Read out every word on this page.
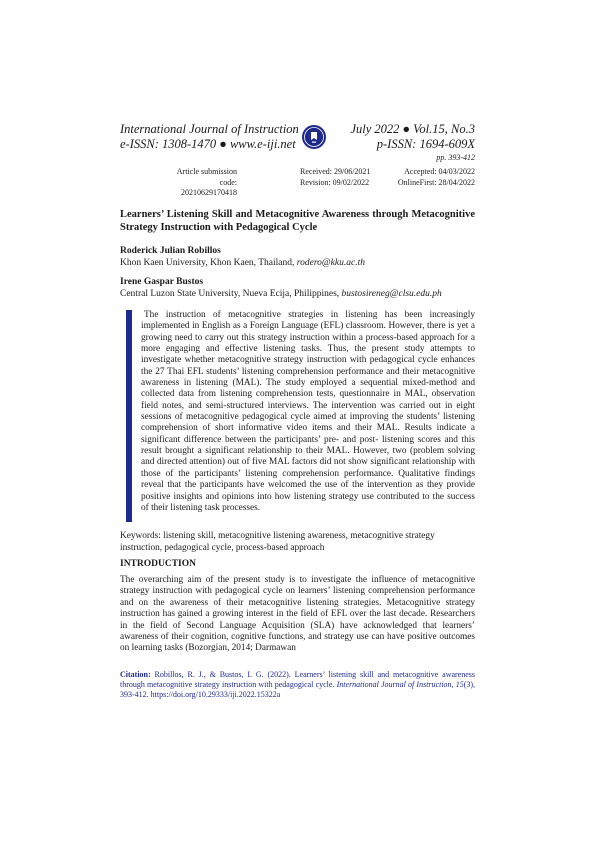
International Journal of Instruction
e-ISSN: 1308-1470 ● www.e-iji.net
July 2022 ● Vol.15, No.3
p-ISSN: 1694-609X
pp. 393-412
Article submission code:
20210629170418
Received: 29/06/2021
Revision: 09/02/2022
Accepted: 04/03/2022
OnlineFirst: 28/04/2022
Learners’ Listening Skill and Metacognitive Awareness through Metacognitive Strategy Instruction with Pedagogical Cycle
Roderick Julian Robillos
Khon Kaen University, Khon Kaen, Thailand, rodero@kku.ac.th
Irene Gaspar Bustos
Central Luzon State University, Nueva Ecija, Philippines, bustosireneg@clsu.edu.ph
The instruction of metacognitive strategies in listening has been increasingly implemented in English as a Foreign Language (EFL) classroom. However, there is yet a growing need to carry out this strategy instruction within a process-based approach for a more engaging and effective listening tasks. Thus, the present study attempts to investigate whether metacognitive strategy instruction with pedagogical cycle enhances the 27 Thai EFL students’ listening comprehension performance and their metacognitive awareness in listening (MAL). The study employed a sequential mixed-method and collected data from listening comprehension tests, questionnaire in MAL, observation field notes, and semi-structured interviews. The intervention was carried out in eight sessions of metacognitive pedagogical cycle aimed at improving the students’ listening comprehension of short informative video items and their MAL. Results indicate a significant difference between the participants’ pre- and post- listening scores and this result brought a significant relationship to their MAL. However, two (problem solving and directed attention) out of five MAL factors did not show significant relationship with those of the participants’ listening comprehension performance. Qualitative findings reveal that the participants have welcomed the use of the intervention as they provide positive insights and opinions into how listening strategy use contributed to the success of their listening task processes.
Keywords: listening skill, metacognitive listening awareness, metacognitive strategy instruction, pedagogical cycle, process-based approach
INTRODUCTION
The overarching aim of the present study is to investigate the influence of metacognitive strategy instruction with pedagogical cycle on learners’ listening comprehension performance and on the awareness of their metacognitive listening strategies. Metacognitive strategy instruction has gained a growing interest in the field of EFL over the last decade. Researchers in the field of Second Language Acquisition (SLA) have acknowledged that learners’ awareness of their cognition, cognitive functions, and strategy use can have positive outcomes on learning tasks (Bozorgian, 2014; Darmawan
Citation: Robillos, R. J., & Bustos, I. G. (2022). Learners’ listening skill and metacognitive awareness through metacognitive strategy instruction with pedagogical cycle. International Journal of Instruction, 15(3), 393-412. https://doi.org/10.29333/iji.2022.15322a
